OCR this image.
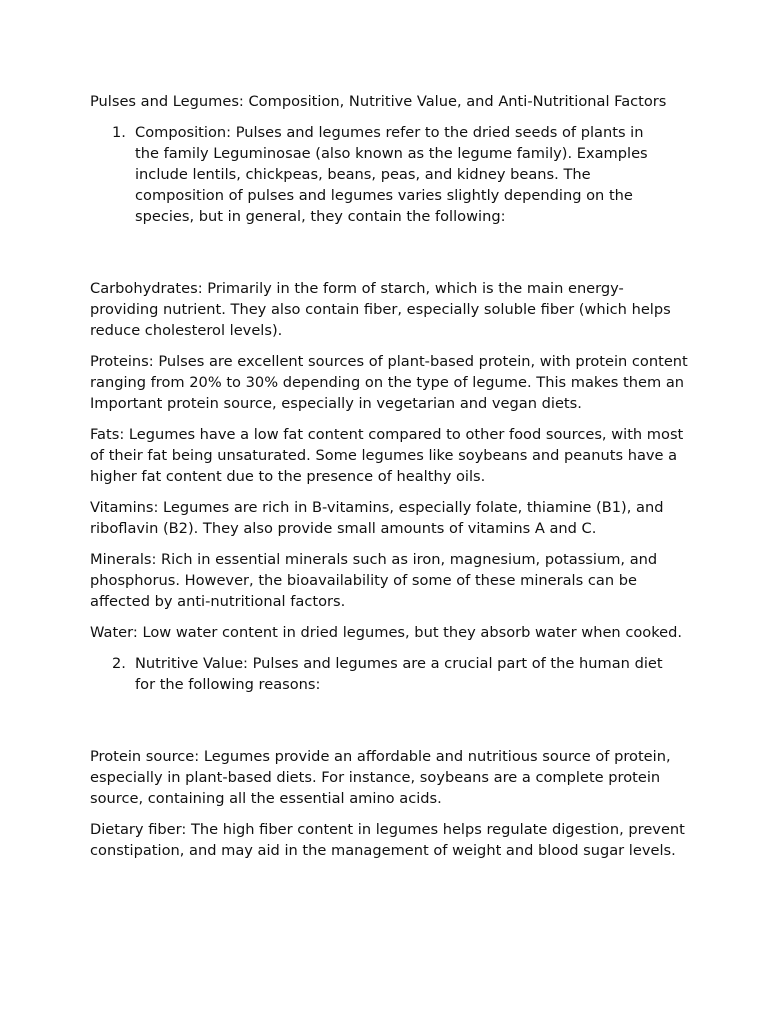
Pulses and Legumes: Composition, Nutritive Value, and Anti-Nutritional Factors

1. Composition: Pulses and legumes refer to the dried seeds of plants in the family Leguminosae (also known as the legume family). Examples include lentils, chickpeas, beans, peas, and kidney beans. The composition of pulses and legumes varies slightly depending on the species, but in general, they contain the following:

Carbohydrates: Primarily in the form of starch, which is the main energy-providing nutrient. They also contain fiber, especially soluble fiber (which helps reduce cholesterol levels).

Proteins: Pulses are excellent sources of plant-based protein, with protein content ranging from 20% to 30% depending on the type of legume. This makes them an Important protein source, especially in vegetarian and vegan diets.

Fats: Legumes have a low fat content compared to other food sources, with most of their fat being unsaturated. Some legumes like soybeans and peanuts have a higher fat content due to the presence of healthy oils.

Vitamins: Legumes are rich in B-vitamins, especially folate, thiamine (B1), and riboflavin (B2). They also provide small amounts of vitamins A and C.

Minerals: Rich in essential minerals such as iron, magnesium, potassium, and phosphorus. However, the bioavailability of some of these minerals can be affected by anti-nutritional factors.

Water: Low water content in dried legumes, but they absorb water when cooked.

2. Nutritive Value: Pulses and legumes are a crucial part of the human diet for the following reasons:

Protein source: Legumes provide an affordable and nutritious source of protein, especially in plant-based diets. For instance, soybeans are a complete protein source, containing all the essential amino acids.

Dietary fiber: The high fiber content in legumes helps regulate digestion, prevent constipation, and may aid in the management of weight and blood sugar levels.
